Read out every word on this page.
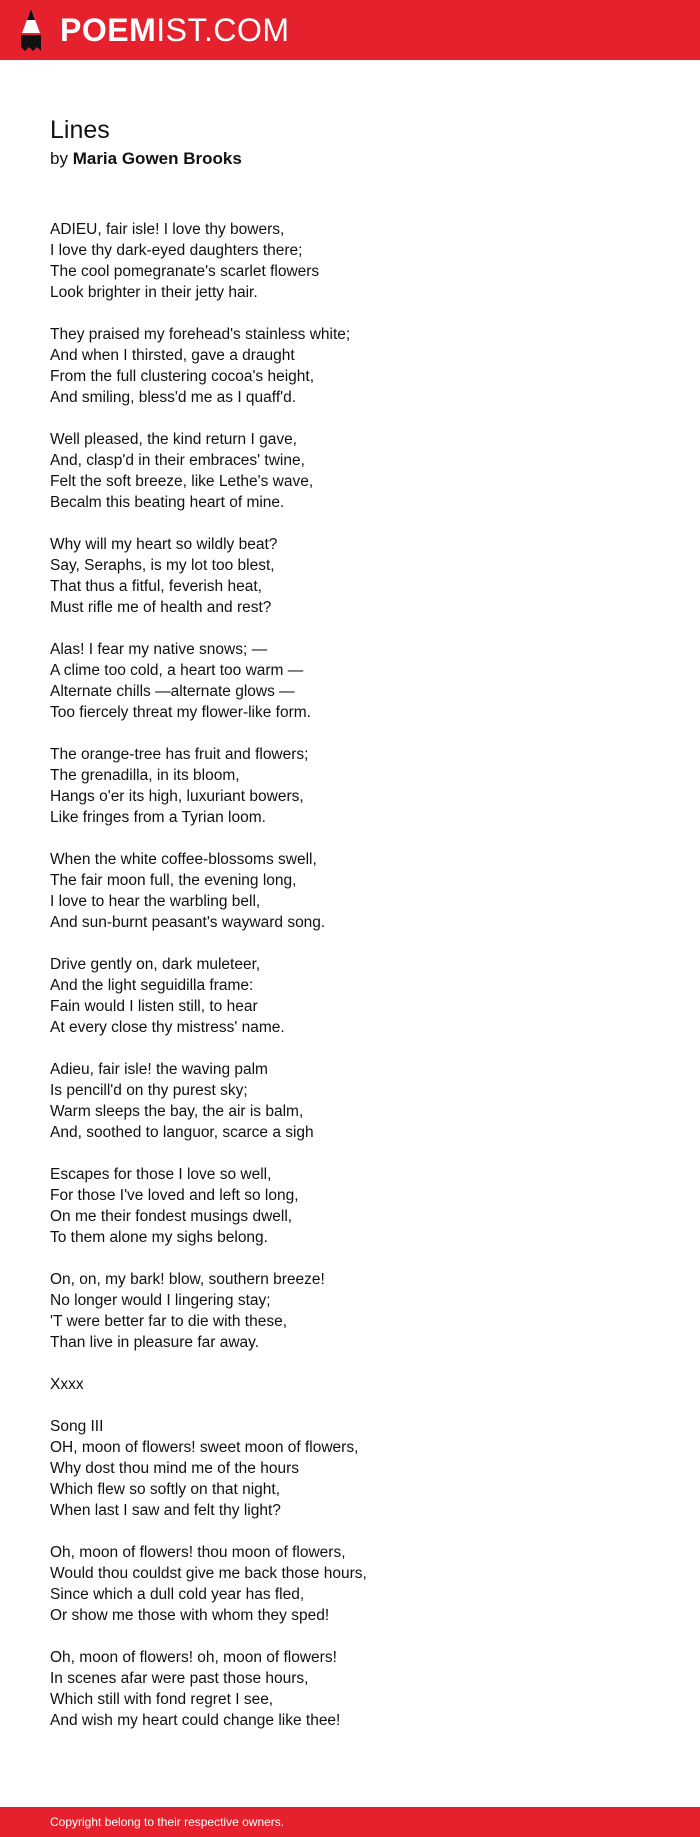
POEMIST.COM
Lines
by Maria Gowen Brooks
ADIEU, fair isle! I love thy bowers,
I love thy dark-eyed daughters there;
The cool pomegranate's scarlet flowers
Look brighter in their jetty hair.
They praised my forehead's stainless white;
And when I thirsted, gave a draught
From the full clustering cocoa's height,
And smiling, bless'd me as I quaff'd.
Well pleased, the kind return I gave,
And, clasp'd in their embraces' twine,
Felt the soft breeze, like Lethe's wave,
Becalm this beating heart of mine.
Why will my heart so wildly beat?
Say, Seraphs, is my lot too blest,
That thus a fitful, feverish heat,
Must rifle me of health and rest?
Alas! I fear my native snows; —
A clime too cold, a heart too warm —
Alternate chills —alternate glows —
Too fiercely threat my flower-like form.
The orange-tree has fruit and flowers;
The grenadilla, in its bloom,
Hangs o'er its high, luxuriant bowers,
Like fringes from a Tyrian loom.
When the white coffee-blossoms swell,
The fair moon full, the evening long,
I love to hear the warbling bell,
And sun-burnt peasant's wayward song.
Drive gently on, dark muleteer,
And the light seguidilla frame:
Fain would I listen still, to hear
At every close thy mistress' name.
Adieu, fair isle! the waving palm
Is pencill'd on thy purest sky;
Warm sleeps the bay, the air is balm,
And, soothed to languor, scarce a sigh
Escapes for those I love so well,
For those I've loved and left so long,
On me their fondest musings dwell,
To them alone my sighs belong.
On, on, my bark! blow, southern breeze!
No longer would I lingering stay;
'T were better far to die with these,
Than live in pleasure far away.
Xxxx
Song III
OH, moon of flowers! sweet moon of flowers,
Why dost thou mind me of the hours
Which flew so softly on that night,
When last I saw and felt thy light?
Oh, moon of flowers! thou moon of flowers,
Would thou couldst give me back those hours,
Since which a dull cold year has fled,
Or show me those with whom they sped!
Oh, moon of flowers! oh, moon of flowers!
In scenes afar were past those hours,
Which still with fond regret I see,
And wish my heart could change like thee!
Copyright belong to their respective owners.
